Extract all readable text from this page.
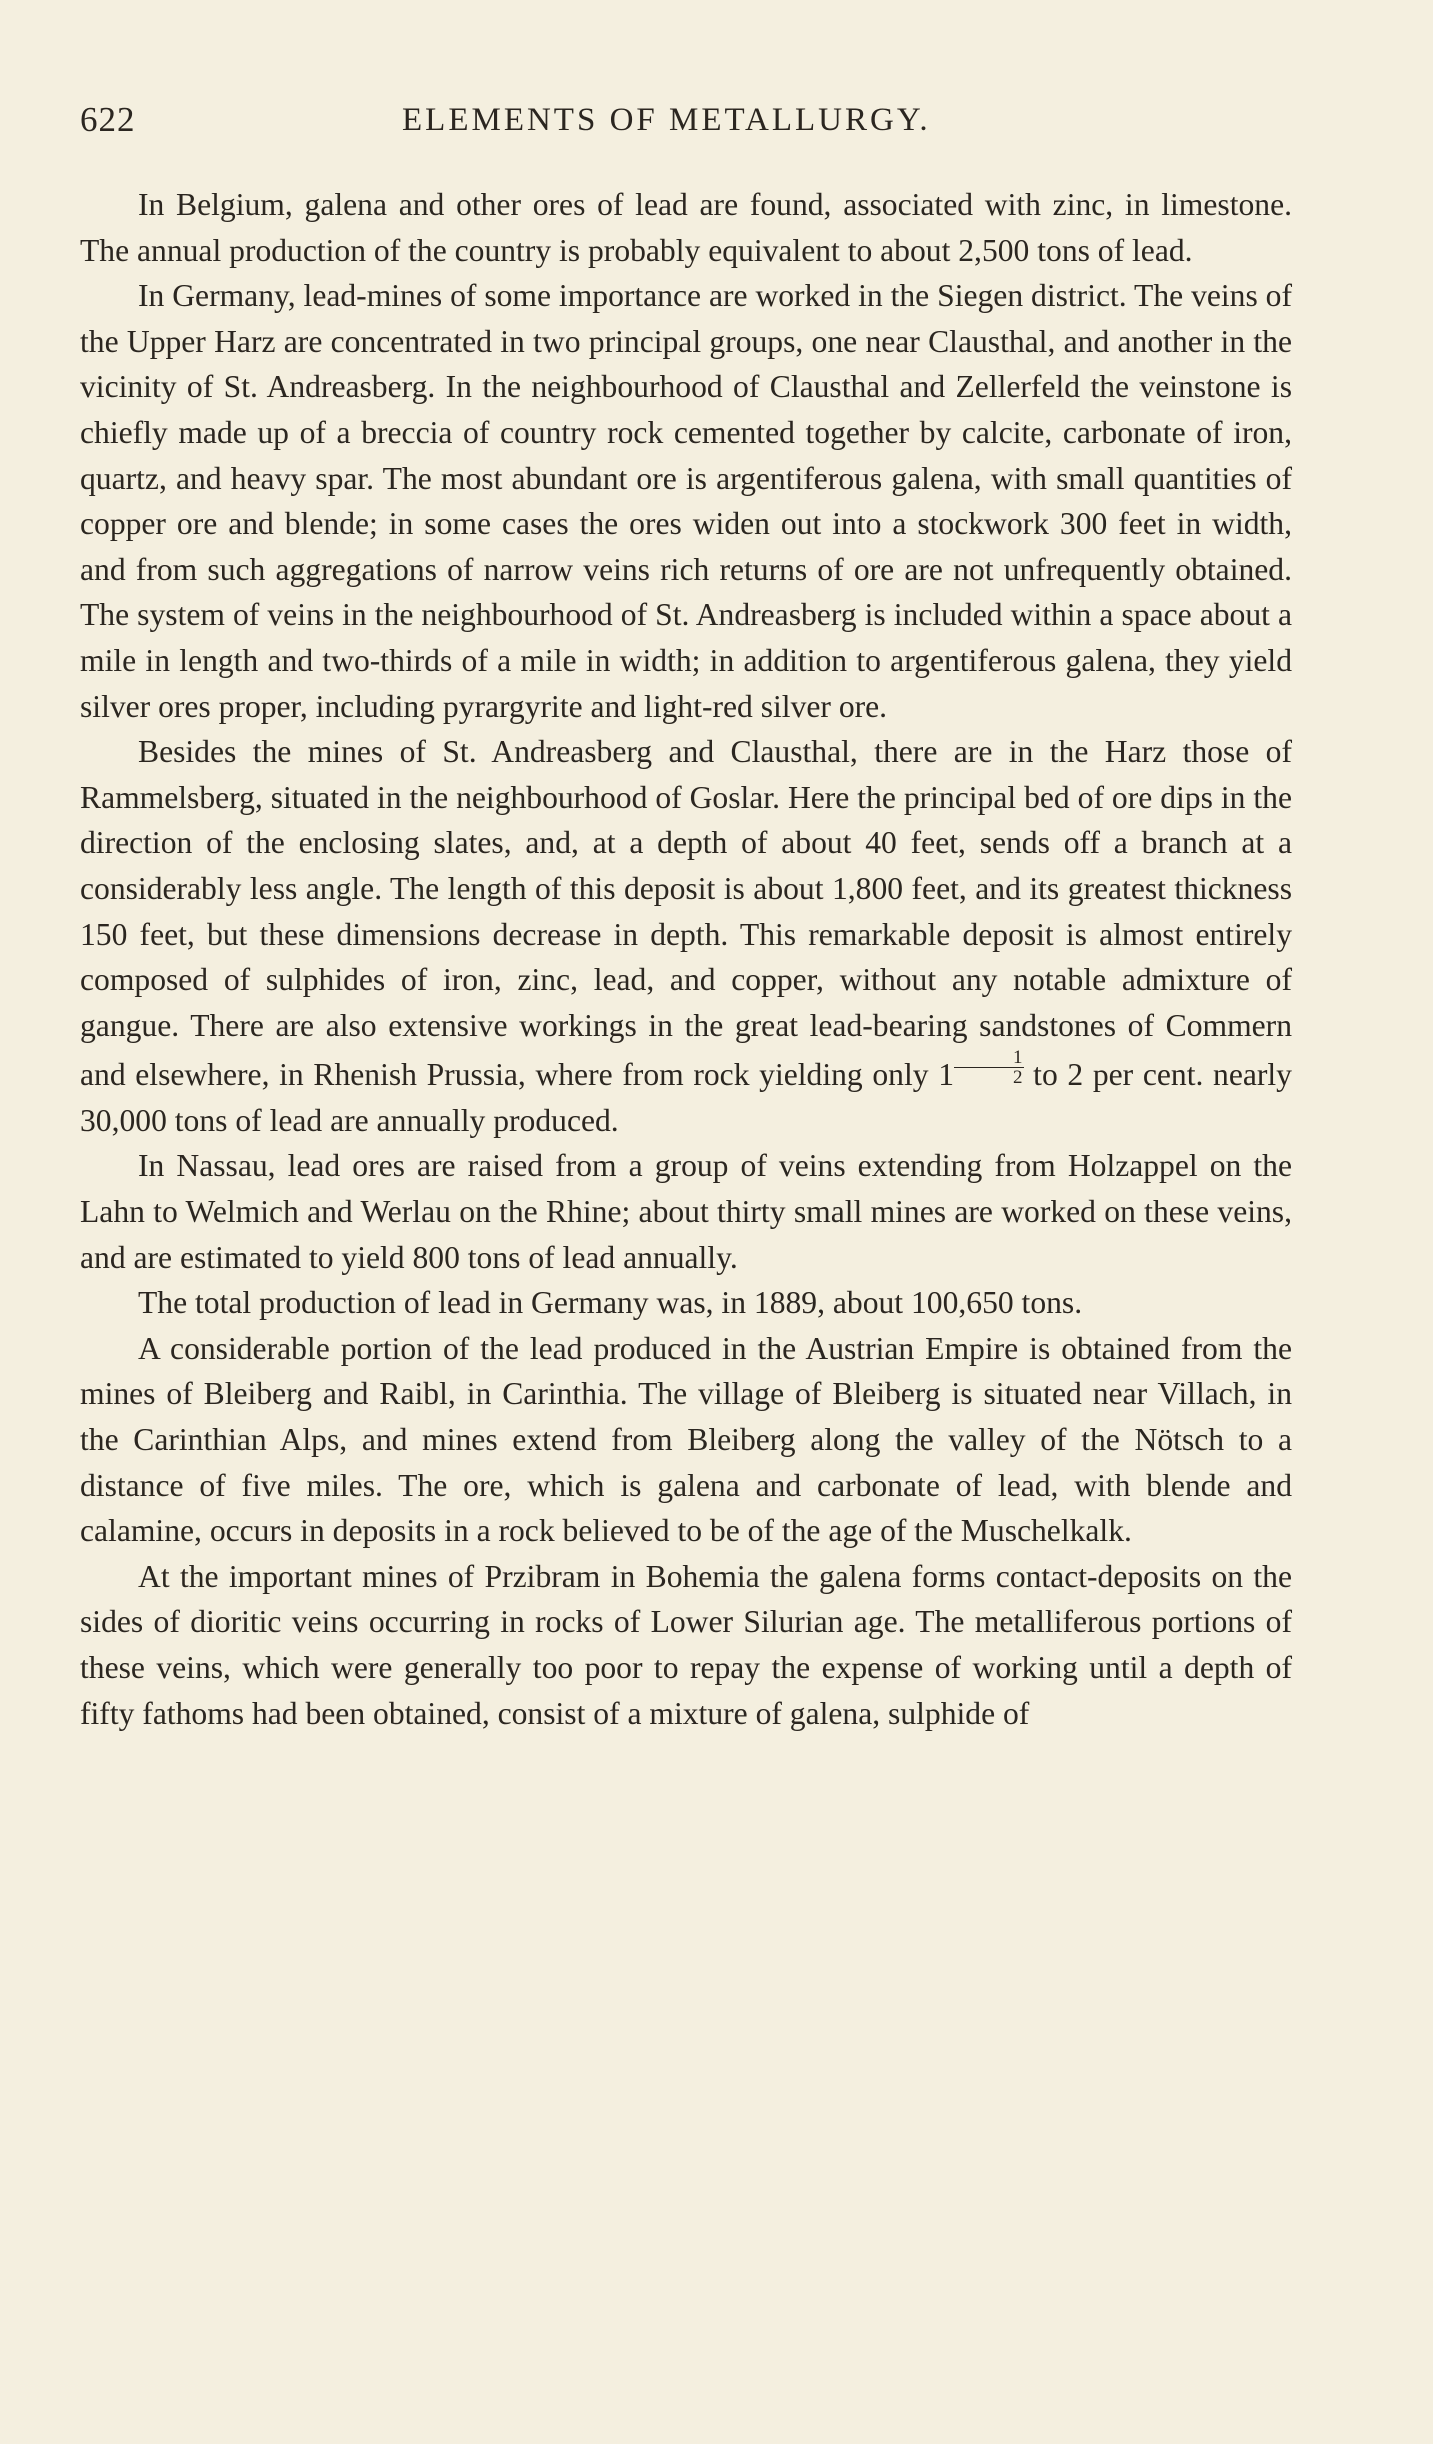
622	ELEMENTS OF METALLURGY.

In Belgium, galena and other ores of lead are found, associated with zinc, in limestone. The annual production of the country is probably equivalent to about 2,500 tons of lead.

In Germany, lead-mines of some importance are worked in the Siegen district. The veins of the Upper Harz are concentrated in two principal groups, one near Clausthal, and another in the vicinity of St. Andreasberg. In the neighbourhood of Clausthal and Zellerfeld the veinstone is chiefly made up of a breccia of country rock cemented together by calcite, carbonate of iron, quartz, and heavy spar. The most abundant ore is argentiferous galena, with small quantities of copper ore and blende; in some cases the ores widen out into a stockwork 300 feet in width, and from such aggregations of narrow veins rich returns of ore are not unfrequently obtained. The system of veins in the neighbourhood of St. Andreasberg is included within a space about a mile in length and two-thirds of a mile in width; in addition to argentiferous galena, they yield silver ores proper, including pyrargyrite and light-red silver ore.

Besides the mines of St. Andreasberg and Clausthal, there are in the Harz those of Rammelsberg, situated in the neighbourhood of Goslar. Here the principal bed of ore dips in the direction of the enclosing slates, and, at a depth of about 40 feet, sends off a branch at a considerably less angle. The length of this deposit is about 1,800 feet, and its greatest thickness 150 feet, but these dimensions decrease in depth. This remarkable deposit is almost entirely composed of sulphides of iron, zinc, lead, and copper, without any notable admixture of gangue. There are also extensive workings in the great lead-bearing sandstones of Commern and elsewhere, in Rhenish Prussia, where from rock yielding only $1 \frac{1}{2}$ to 2 per cent. nearly 30,000 tons of lead are annually produced.

In Nassau, lead ores are raised from a group of veins extending from Holzappel on the Lahn to Welmich and Werlau on the Rhine; about thirty small mines are worked on these veins, and are estimated to yield 800 tons of lead annually.

The total production of lead in Germany was, in 1889, about 100,650 tons.

A considerable portion of the lead produced in the Austrian Empire is obtained from the mines of Bleiberg and Raibl, in Carinthia. The village of Bleiberg is situated near Villach, in the Carinthian Alps, and mines extend from Bleiberg along the valley of the Nötsch to a distance of five miles. The ore, which is galena and carbonate of lead, with blende and calamine, occurs in deposits in a rock believed to be of the age of the Muschelkalk.

At the important mines of Przibram in Bohemia the galena forms contact-deposits on the sides of dioritic veins occurring in rocks of Lower Silurian age. The metalliferous portions of these veins, which were generally too poor to repay the expense of working until a depth of fifty fathoms had been obtained, consist of a mixture of galena, sulphide of
